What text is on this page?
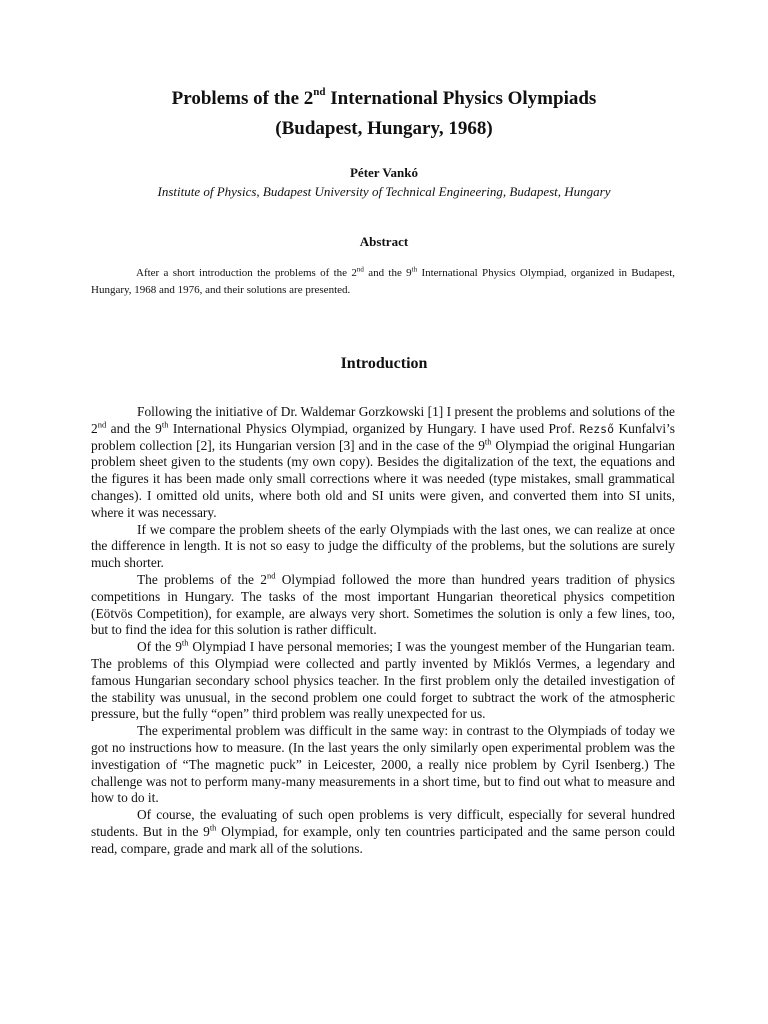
Problems of the 2nd International Physics Olympiads
(Budapest, Hungary, 1968)
Péter Vankó
Institute of Physics, Budapest University of Technical Engineering, Budapest, Hungary
Abstract

After a short introduction the problems of the 2nd and the 9th International Physics Olympiad, organized in Budapest, Hungary, 1968 and 1976, and their solutions are presented.

Introduction

Following the initiative of Dr. Waldemar Gorzkowski [1] I present the problems and solutions of the 2nd and the 9th International Physics Olympiad, organized by Hungary. I have used Prof. Rezső Kunfalvi’s problem collection [2], its Hungarian version [3] and in the case of the 9th Olympiad the original Hungarian problem sheet given to the students (my own copy). Besides the digitalization of the text, the equations and the figures it has been made only small corrections where it was needed (type mistakes, small grammatical changes). I omitted old units, where both old and SI units were given, and converted them into SI units, where it was necessary.

If we compare the problem sheets of the early Olympiads with the last ones, we can realize at once the difference in length. It is not so easy to judge the difficulty of the problems, but the solutions are surely much shorter.

The problems of the 2nd Olympiad followed the more than hundred years tradition of physics competitions in Hungary. The tasks of the most important Hungarian theoretical physics competition (Eötvös Competition), for example, are always very short. Sometimes the solution is only a few lines, too, but to find the idea for this solution is rather difficult.

Of the 9th Olympiad I have personal memories; I was the youngest member of the Hungarian team. The problems of this Olympiad were collected and partly invented by Miklós Vermes, a legendary and famous Hungarian secondary school physics teacher. In the first problem only the detailed investigation of the stability was unusual, in the second problem one could forget to subtract the work of the atmospheric pressure, but the fully “open” third problem was really unexpected for us.

The experimental problem was difficult in the same way: in contrast to the Olympiads of today we got no instructions how to measure. (In the last years the only similarly open experimental problem was the investigation of “The magnetic puck” in Leicester, 2000, a really nice problem by Cyril Isenberg.) The challenge was not to perform many-many measurements in a short time, but to find out what to measure and how to do it.

Of course, the evaluating of such open problems is very difficult, especially for several hundred students. But in the 9th Olympiad, for example, only ten countries participated and the same person could read, compare, grade and mark all of the solutions.
